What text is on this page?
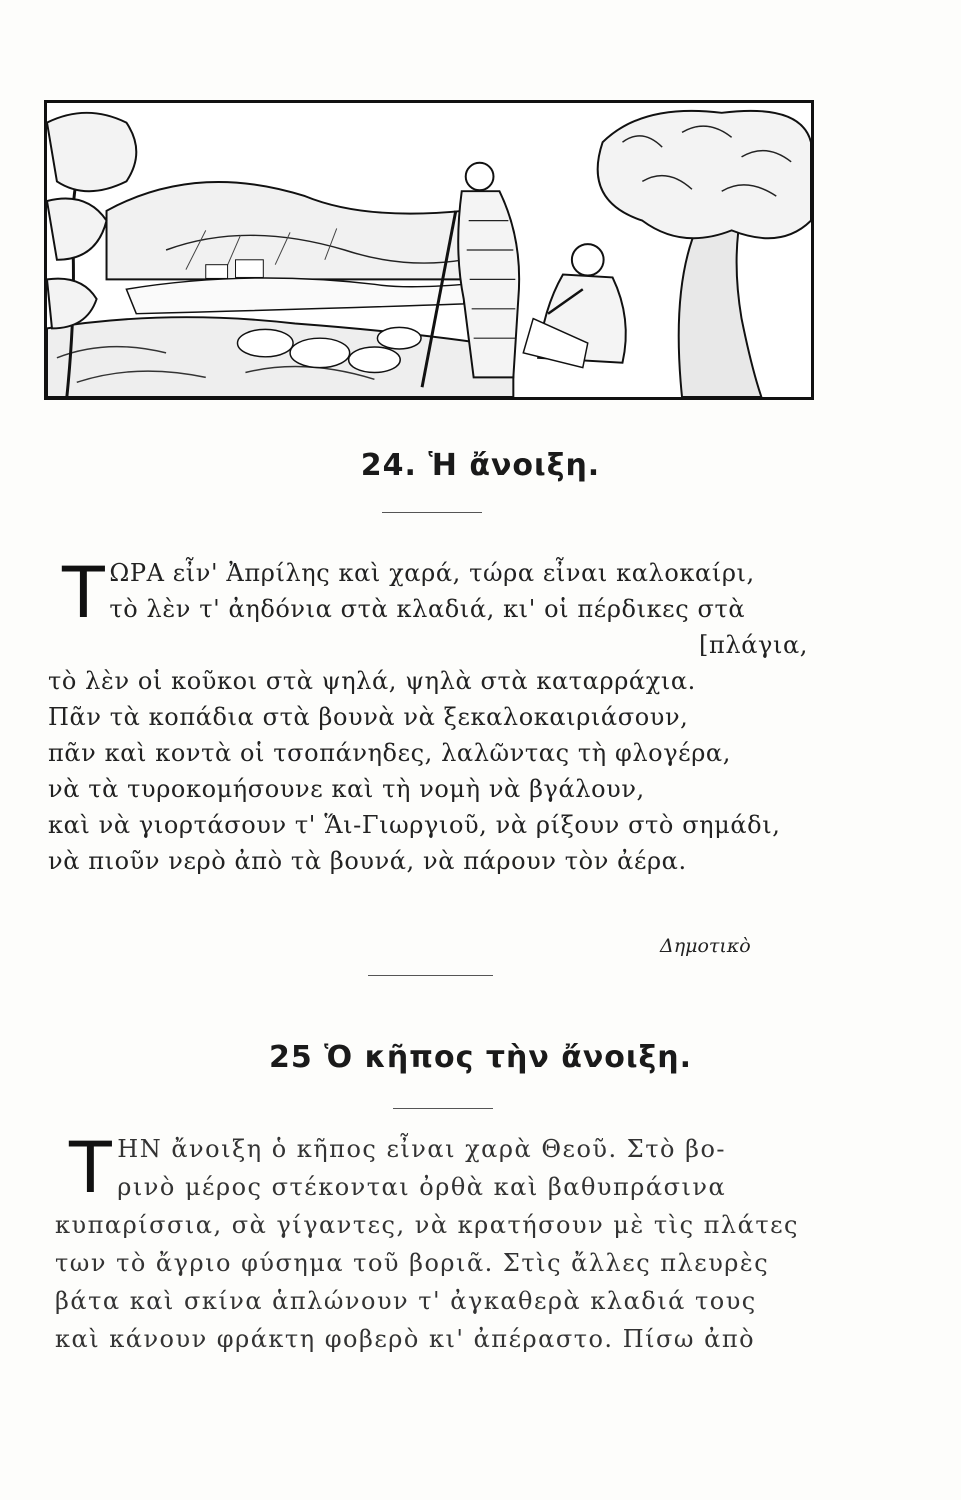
24. Ἡ ἄνοιξη.
Τ ΩΡΑ εἶν' Ἀπρίλης καὶ χαρά, τώρα εἶναι καλοκαίρι,
τὸ λὲν τ' ἀηδόνια στὰ κλαδιά, κι' οἱ πέρδικες στὰ
[πλάγια,
τὸ λὲν οἱ κοῦκοι στὰ ψηλά, ψηλὰ στὰ καταρράχια.
Πᾶν τὰ κοπάδια στὰ βουνὰ νὰ ξεκαλοκαιριάσουν,
πᾶν καὶ κοντὰ οἱ τσοπάνηδες, λαλῶντας τὴ φλογέρα,
νὰ τὰ τυροκομήσουνε καὶ τὴ νομὴ νὰ βγάλουν,
καὶ νὰ γιορτάσουν τ' Ἅι-Γιωργιοῦ, νὰ ρίξουν στὸ σημάδι,
νὰ πιοῦν νερὸ ἀπὸ τὰ βουνά, νὰ πάρουν τὸν ἀέρα.
Δημοτικὸ
25 Ὁ κῆπος τὴν ἄνοιξη.
Τ ΗΝ ἄνοιξη ὁ κῆπος εἶναι χαρὰ Θεοῦ. Στὸ βο-
ρινὸ μέρος στέκονται ὀρθὰ καὶ βαθυπράσινα
κυπαρίσσια, σὰ γίγαντες, νὰ κρατήσουν μὲ τὶς πλάτες
των τὸ ἄγριο φύσημα τοῦ βοριᾶ. Στὶς ἄλλες πλευρὲς
βάτα καὶ σκίνα ἁπλώνουν τ' ἀγκαθερὰ κλαδιά τους
καὶ κάνουν φράκτη φοβερὸ κι' ἀπέραστο. Πίσω ἀπὸ
